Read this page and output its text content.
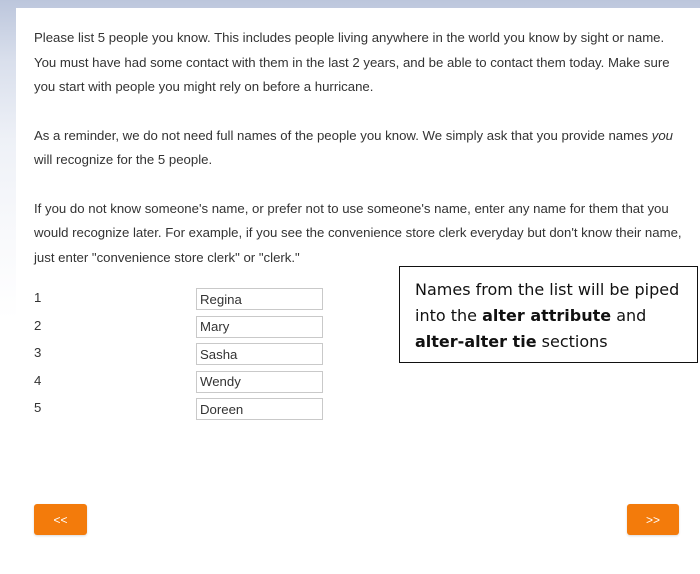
Please list 5 people you know. This includes people living anywhere in the world you know by sight or name. You must have had some contact with them in the last 2 years, and be able to contact them today. Make sure you start with people you might rely on before a hurricane.

As a reminder, we do not need full names of the people you know. We simply ask that you provide names you will recognize for the 5 people.

If you do not know someone's name, or prefer not to use someone's name, enter any name for them that you would recognize later. For example, if you see the convenience store clerk everyday but don't know their name, just enter "convenience store clerk" or "clerk."

1
Regina
2
Mary
3
Sasha
4
Wendy
5
Doreen
Names from the list will be piped into the alter attribute and alter-alter tie sections
<<	>>
